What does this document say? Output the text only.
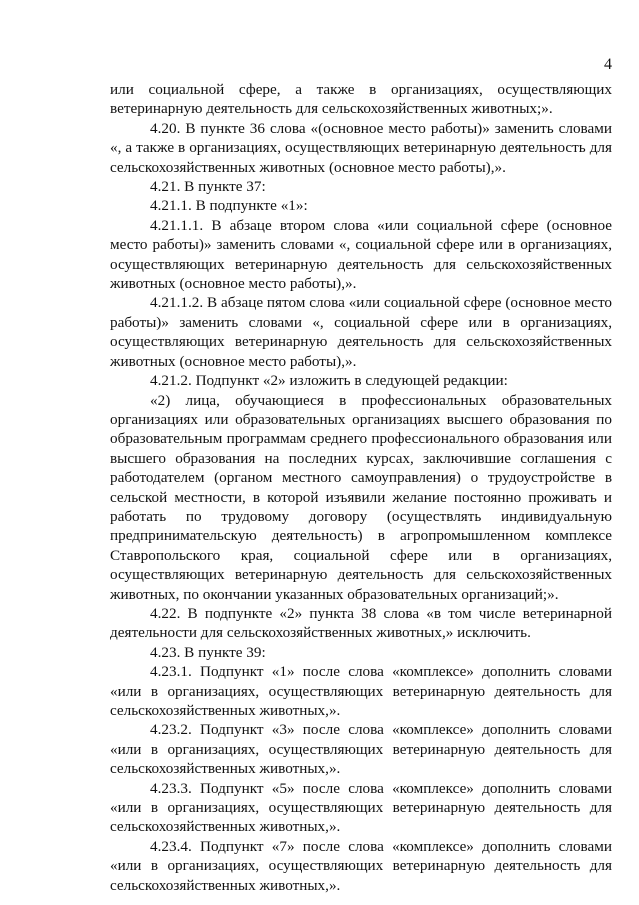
4

или социальной сфере, а также в организациях, осуществляющих ветеринарную деятельность для сельскохозяйственных животных;».

4.20. В пункте 36 слова «(основное место работы)» заменить словами «, а также в организациях, осуществляющих ветеринарную деятельность для сельскохозяйственных животных (основное место работы),».

4.21. В пункте 37:

4.21.1. В подпункте «1»:

4.21.1.1. В абзаце втором слова «или социальной сфере (основное место работы)» заменить словами «, социальной сфере или в организациях, осуществляющих ветеринарную деятельность для сельскохозяйственных животных (основное место работы),».

4.21.1.2. В абзаце пятом слова «или социальной сфере (основное место работы)» заменить словами «, социальной сфере или в организациях, осуществляющих ветеринарную деятельность для сельскохозяйственных животных (основное место работы),».

4.21.2. Подпункт «2» изложить в следующей редакции:

«2) лица, обучающиеся в профессиональных образовательных организациях или образовательных организациях высшего образования по образовательным программам среднего профессионального образования или высшего образования на последних курсах, заключившие соглашения с работодателем (органом местного самоуправления) о трудоустройстве в сельской местности, в которой изъявили желание постоянно проживать и работать по трудовому договору (осуществлять индивидуальную предпринимательскую деятельность) в агропромышленном комплексе Ставропольского края, социальной сфере или в организациях, осуществляющих ветеринарную деятельность для сельскохозяйственных животных, по окончании указанных образовательных организаций;».

4.22. В подпункте «2» пункта 38 слова «в том числе ветеринарной деятельности для сельскохозяйственных животных,» исключить.

4.23. В пункте 39:

4.23.1. Подпункт «1» после слова «комплексе» дополнить словами «или в организациях, осуществляющих ветеринарную деятельность для сельскохозяйственных животных,».

4.23.2. Подпункт «3» после слова «комплексе» дополнить словами «или в организациях, осуществляющих ветеринарную деятельность для сельскохозяйственных животных,».

4.23.3. Подпункт «5» после слова «комплексе» дополнить словами «или в организациях, осуществляющих ветеринарную деятельность для сельскохозяйственных животных,».

4.23.4. Подпункт «7» после слова «комплексе» дополнить словами «или в организациях, осуществляющих ветеринарную деятельность для сельскохозяйственных животных,».
